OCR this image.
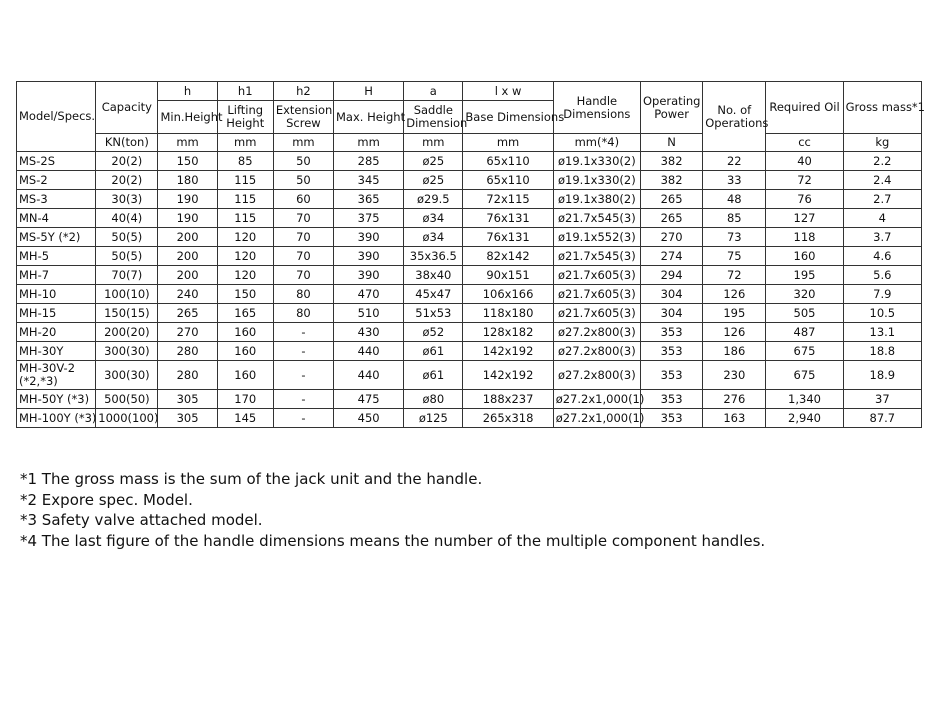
Model/Specs.	Capacity	h	h1	h2	H	a	l x w	Handle Dimensions	Operating Power	No. of Operations	Required Oil	Gross mass*1
		Min.Height	Lifting Height	Extension Screw	Max. Height	Saddle Dimension	Base Dimensions					
	KN(ton)	mm	mm	mm	mm	mm	mm	mm(*4)	N		cc	kg
MS-2S	20(2)	150	85	50	285	ø25	65x110	ø19.1x330(2)	382	22	40	2.2
MS-2	20(2)	180	115	50	345	ø25	65x110	ø19.1x330(2)	382	33	72	2.4
MS-3	30(3)	190	115	60	365	ø29.5	72x115	ø19.1x380(2)	265	48	76	2.7
MN-4	40(4)	190	115	70	375	ø34	76x131	ø21.7x545(3)	265	85	127	4
MS-5Y (*2)	50(5)	200	120	70	390	ø34	76x131	ø19.1x552(3)	270	73	118	3.7
MH-5	50(5)	200	120	70	390	35x36.5	82x142	ø21.7x545(3)	274	75	160	4.6
MH-7	70(7)	200	120	70	390	38x40	90x151	ø21.7x605(3)	294	72	195	5.6
MH-10	100(10)	240	150	80	470	45x47	106x166	ø21.7x605(3)	304	126	320	7.9
MH-15	150(15)	265	165	80	510	51x53	118x180	ø21.7x605(3)	304	195	505	10.5
MH-20	200(20)	270	160	-	430	ø52	128x182	ø27.2x800(3)	353	126	487	13.1
MH-30Y	300(30)	280	160	-	440	ø61	142x192	ø27.2x800(3)	353	186	675	18.8
MH-30V-2 (*2,*3)	300(30)	280	160	-	440	ø61	142x192	ø27.2x800(3)	353	230	675	18.9
MH-50Y (*3)	500(50)	305	170	-	475	ø80	188x237	ø27.2x1,000(1)	353	276	1,340	37
MH-100Y (*3)	1000(100)	305	145	-	450	ø125	265x318	ø27.2x1,000(1)	353	163	2,940	87.7
*1 The gross mass is the sum of the jack unit and the handle.
*2 Expore spec. Model.
*3 Safety valve attached model.
*4 The last figure of the handle dimensions means the number of the multiple component handles.
